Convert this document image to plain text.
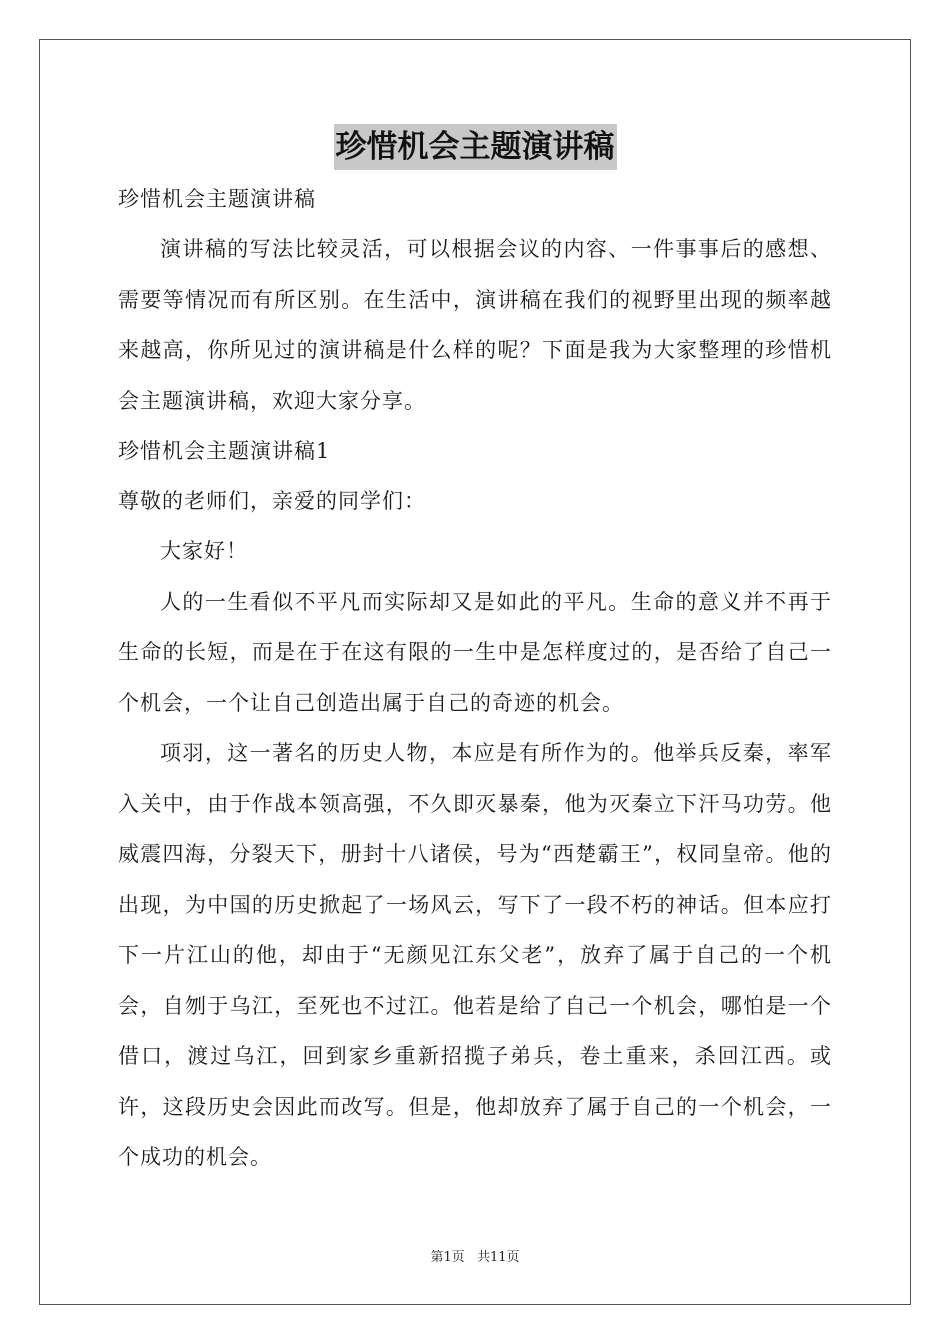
珍惜机会主题演讲稿

珍惜机会主题演讲稿

演讲稿的写法比较灵活，可以根据会议的内容、一件事事后的感想、需要等情况而有所区别。在生活中，演讲稿在我们的视野里出现的频率越来越高，你所见过的演讲稿是什么样的呢？下面是我为大家整理的珍惜机会主题演讲稿，欢迎大家分享。

珍惜机会主题演讲稿1

尊敬的老师们，亲爱的同学们：

大家好！

人的一生看似不平凡而实际却又是如此的平凡。生命的意义并不再于生命的长短，而是在于在这有限的一生中是怎样度过的，是否给了自己一个机会，一个让自己创造出属于自己的奇迹的机会。

项羽，这一著名的历史人物，本应是有所作为的。他举兵反秦，率军入关中，由于作战本领高强，不久即灭暴秦，他为灭秦立下汗马功劳。他威震四海，分裂天下，册封十八诸侯，号为“西楚霸王”，权同皇帝。他的出现，为中国的历史掀起了一场风云，写下了一段不朽的神话。但本应打下一片江山的他，却由于“无颜见江东父老”，放弃了属于自己的一个机会，自刎于乌江，至死也不过江。他若是给了自己一个机会，哪怕是一个借口，渡过乌江，回到家乡重新招揽子弟兵，卷土重来，杀回江西。或许，这段历史会因此而改写。但是，他却放弃了属于自己的一个机会，一个成功的机会。

第1页 共11页
